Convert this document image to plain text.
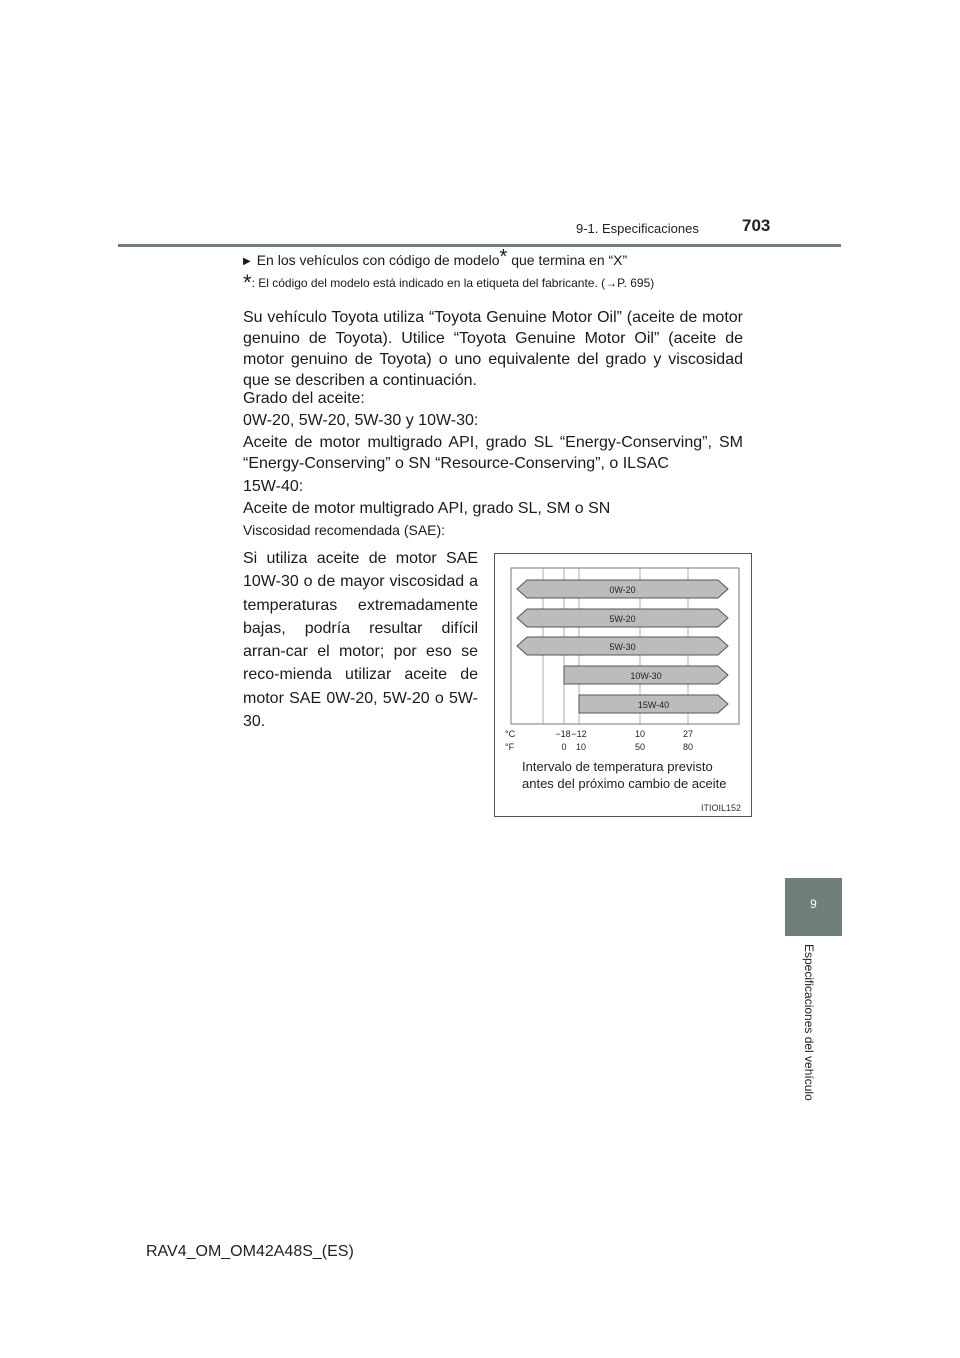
9-1. Especificaciones	703
9
Especificaciones del vehículo
▶ En los vehículos con código de modelo* que termina en “X”
*: El código del modelo está indicado en la etiqueta del fabricante. (→P. 695)
Su vehículo Toyota utiliza “Toyota Genuine Motor Oil” (aceite de motor genuino de Toyota). Utilice “Toyota Genuine Motor Oil” (aceite de motor genuino de Toyota) o uno equivalente del grado y viscosidad que se describen a continuación.
Grado del aceite:
0W-20, 5W-20, 5W-30 y 10W-30:
Aceite de motor multigrado API, grado SL “Energy-Conserving”, SM “Energy-Conserving” o SN “Resource-Conserving”, o ILSAC
15W-40:
Aceite de motor multigrado API, grado SL, SM o SN
Viscosidad recomendada (SAE):
Si utiliza aceite de motor SAE 10W-30 o de mayor viscosidad a temperaturas extremadamente bajas, podría resultar difícil arran-car el motor; por eso se reco-mienda utilizar aceite de motor SAE 0W-20, 5W-20 o 5W-30.
0W-20
5W-20
5W-30
10W-30
15W-40
°C
°F
−18 −12	10	27
0 10	50	80
Intervalo de temperatura previsto antes del próximo cambio de aceite
ITIOIL152
RAV4_OM_OM42A48S_(ES)
